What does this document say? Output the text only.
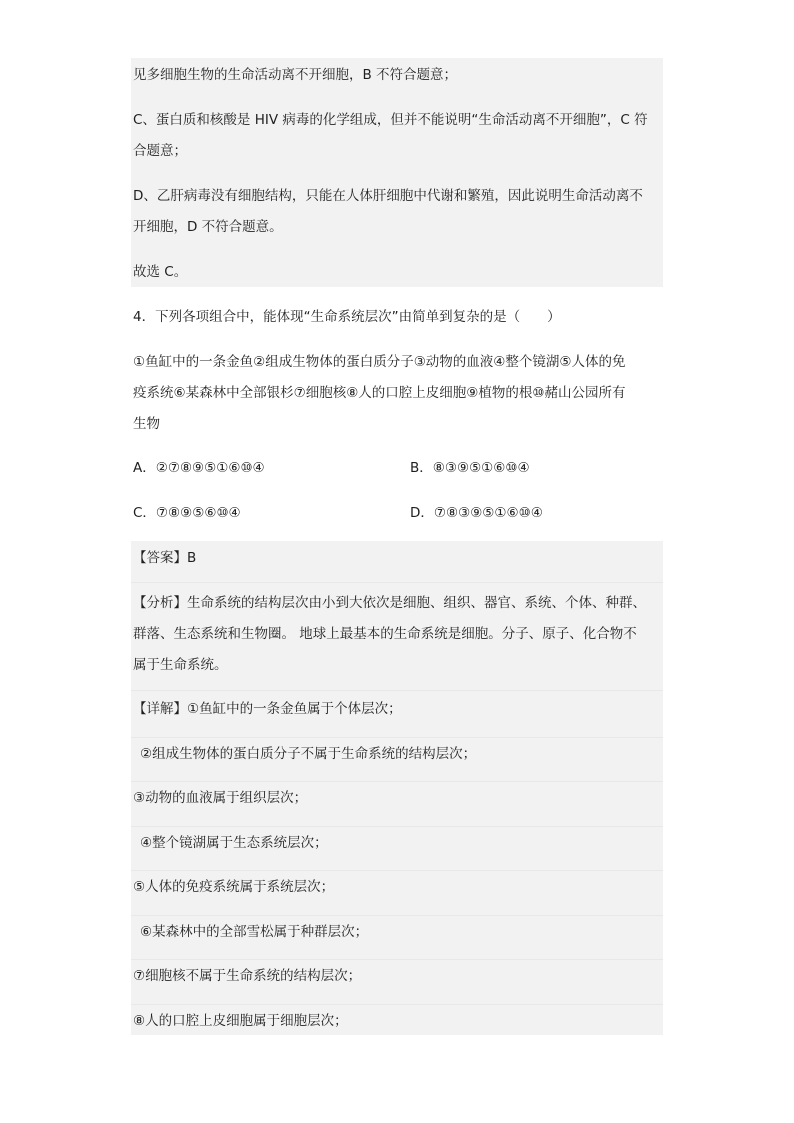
见多细胞生物的生命活动离不开细胞，B 不符合题意；
C、蛋白质和核酸是 HIV 病毒的化学组成，但并不能说明“生命活动离不开细胞”，C 符
合题意；
D、乙肝病毒没有细胞结构，只能在人体肝细胞中代谢和繁殖，因此说明生命活动离不
开细胞，D 不符合题意。
故选 C。
4．下列各项组合中，能体现“生命系统层次”由简单到复杂的是（　　）
①鱼缸中的一条金鱼②组成生物体的蛋白质分子③动物的血液④整个镜湖⑤人体的免
疫系统⑥某森林中全部银杉⑦细胞核⑧人的口腔上皮细胞⑨植物的根⑩赭山公园所有
生物
A．②⑦⑧⑨⑤①⑥⑩④	B．⑧③⑨⑤①⑥⑩④
C．⑦⑧⑨⑤⑥⑩④	D．⑦⑧③⑨⑤①⑥⑩④
【答案】B
【分析】生命系统的结构层次由小到大依次是细胞、组织、器官、系统、个体、种群、
群落、生态系统和生物圈。 地球上最基本的生命系统是细胞。分子、原子、化合物不
属于生命系统。
【详解】①鱼缸中的一条金鱼属于个体层次；
②组成生物体的蛋白质分子不属于生命系统的结构层次；
③动物的血液属于组织层次；
④整个镜湖属于生态系统层次；
⑤人体的免疫系统属于系统层次；
⑥某森林中的全部雪松属于种群层次；
⑦细胞核不属于生命系统的结构层次；
⑧人的口腔上皮细胞属于细胞层次；
